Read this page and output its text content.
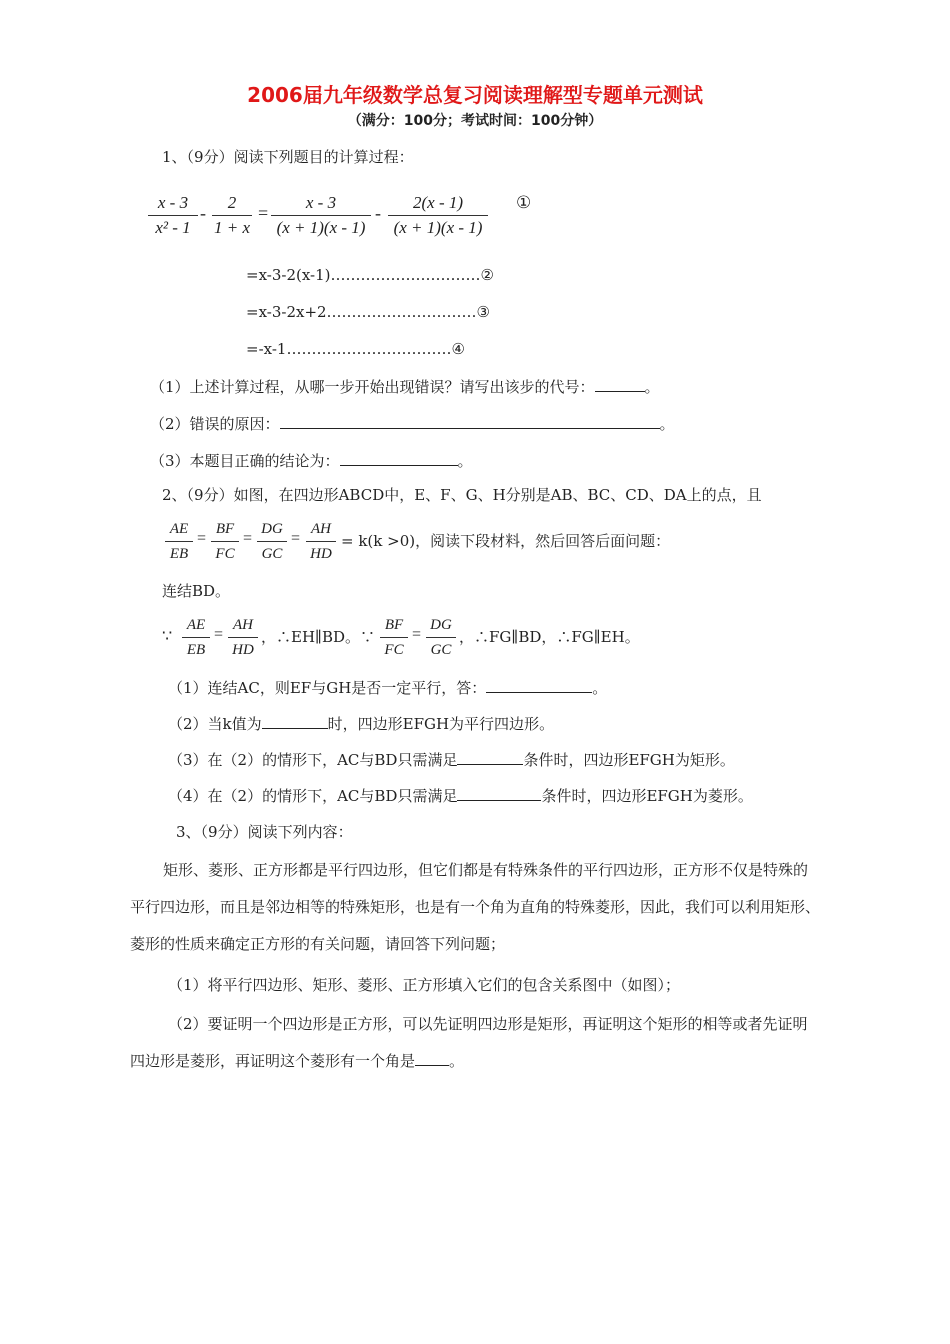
2006届九年级数学总复习阅读理解型专题单元测试
（满分：100分；考试时间：100分钟）
1、（9分）阅读下列题目的计算过程：
x - 3
x² - 1
-
2
1 + x
=
x - 3
(x + 1)(x - 1)
-
2(x - 1)
(x + 1)(x - 1)
①
=x-3-2(x-1)…………………………②
=x-3-2x+2…………………………③
=-x-1……………………………④
（1）上述计算过程，从哪一步开始出现错误？请写出该步的代号：	。
（2）错误的原因：	。
（3）本题目正确的结论为：	。
2、（9分）如图，在四边形ABCD中，E、F、G、H分别是AB、BC、CD、DA上的点，且
AE
EB
=
BF
FC
=
DG
GC
=
AH
HD
= k(k >0)，阅读下段材料，然后回答后面问题：
连结BD。
∵
AE
EB
=
AH
HD
，∴EH∥BD。∵
BF
FC
=
DG
GC
，∴FG∥BD，∴FG∥EH。
（1）连结AC，则EF与GH是否一定平行，答：	。
（2）当k值为	时，四边形EFGH为平行四边形。
（3）在（2）的情形下，AC与BD只需满足	条件时，四边形EFGH为矩形。
（4）在（2）的情形下，AC与BD只需满足	条件时，四边形EFGH为菱形。
3、（9分）阅读下列内容：
矩形、菱形、正方形都是平行四边形，但它们都是有特殊条件的平行四边形，正方形不仅是特殊的平行四边形，而且是邻边相等的特殊矩形，也是有一个角为直角的特殊菱形，因此，我们可以利用矩形、菱形的性质来确定正方形的有关问题，请回答下列问题；
（1）将平行四边形、矩形、菱形、正方形填入它们的包含关系图中（如图）；
（2）要证明一个四边形是正方形，可以先证明四边形是矩形，再证明这个矩形的相等或者先证明四边形是菱形，再证明这个菱形有一个角是 。
